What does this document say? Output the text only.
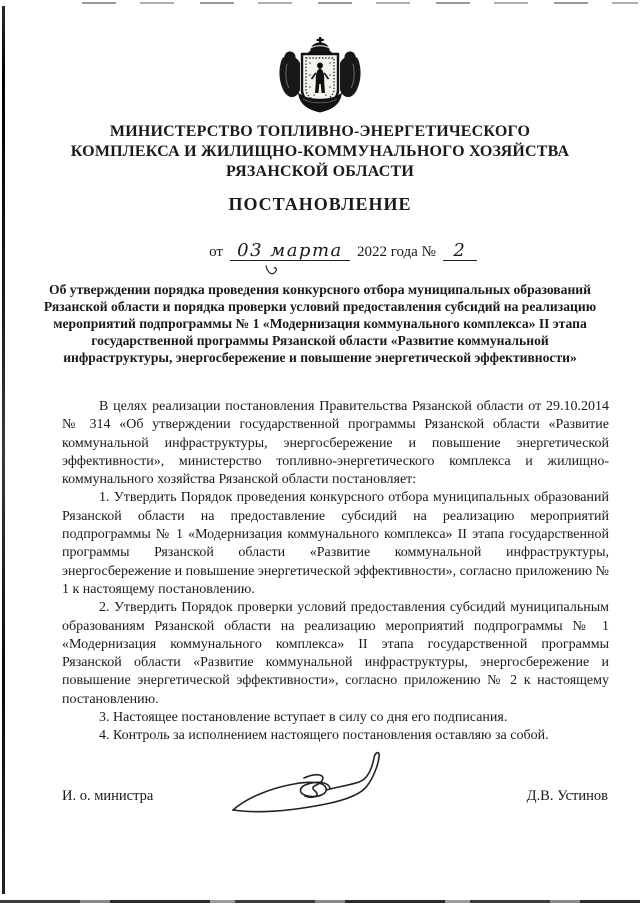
МИНИСТЕРСТВО ТОПЛИВНО-ЭНЕРГЕТИЧЕСКОГО
КОМПЛЕКСА И ЖИЛИЩНО-КОММУНАЛЬНОГО ХОЗЯЙСТВА
РЯЗАНСКОЙ ОБЛАСТИ
ПОСТАНОВЛЕНИЕ
от 03 марта 2022 года № 2
Об утверждении порядка проведения конкурсного отбора муниципальных образований Рязанской области и порядка проверки условий предоставления субсидий на реализацию мероприятий подпрограммы № 1 «Модернизация коммунального комплекса» II этапа государственной программы Рязанской области «Развитие коммунальной инфраструктуры, энергосбережение и повышение энергетической эффективности»

В целях реализации постановления Правительства Рязанской области от 29.10.2014 № 314 «Об утверждении государственной программы Рязанской области «Развитие коммунальной инфраструктуры, энергосбережение и повышение энергетической эффективности», министерство топливно-энергетического комплекса и жилищно-коммунального хозяйства Рязанской области постановляет:

1. Утвердить Порядок проведения конкурсного отбора муниципальных образований Рязанской области на предоставление субсидий на реализацию мероприятий подпрограммы № 1 «Модернизация коммунального комплекса» II этапа государственной программы Рязанской области «Развитие коммунальной инфраструктуры, энергосбережение и повышение энергетической эффективности», согласно приложению № 1 к настоящему постановлению.

2. Утвердить Порядок проверки условий предоставления субсидий муниципальным образованиям Рязанской области на реализацию мероприятий подпрограммы № 1 «Модернизация коммунального комплекса» II этапа государственной программы Рязанской области «Развитие коммунальной инфраструктуры, энергосбережение и повышение энергетической эффективности», согласно приложению № 2 к настоящему постановлению.

3. Настоящее постановление вступает в силу со дня его подписания.

4. Контроль за исполнением настоящего постановления оставляю за собой.

И. о. министра	Д.В. Устинов
